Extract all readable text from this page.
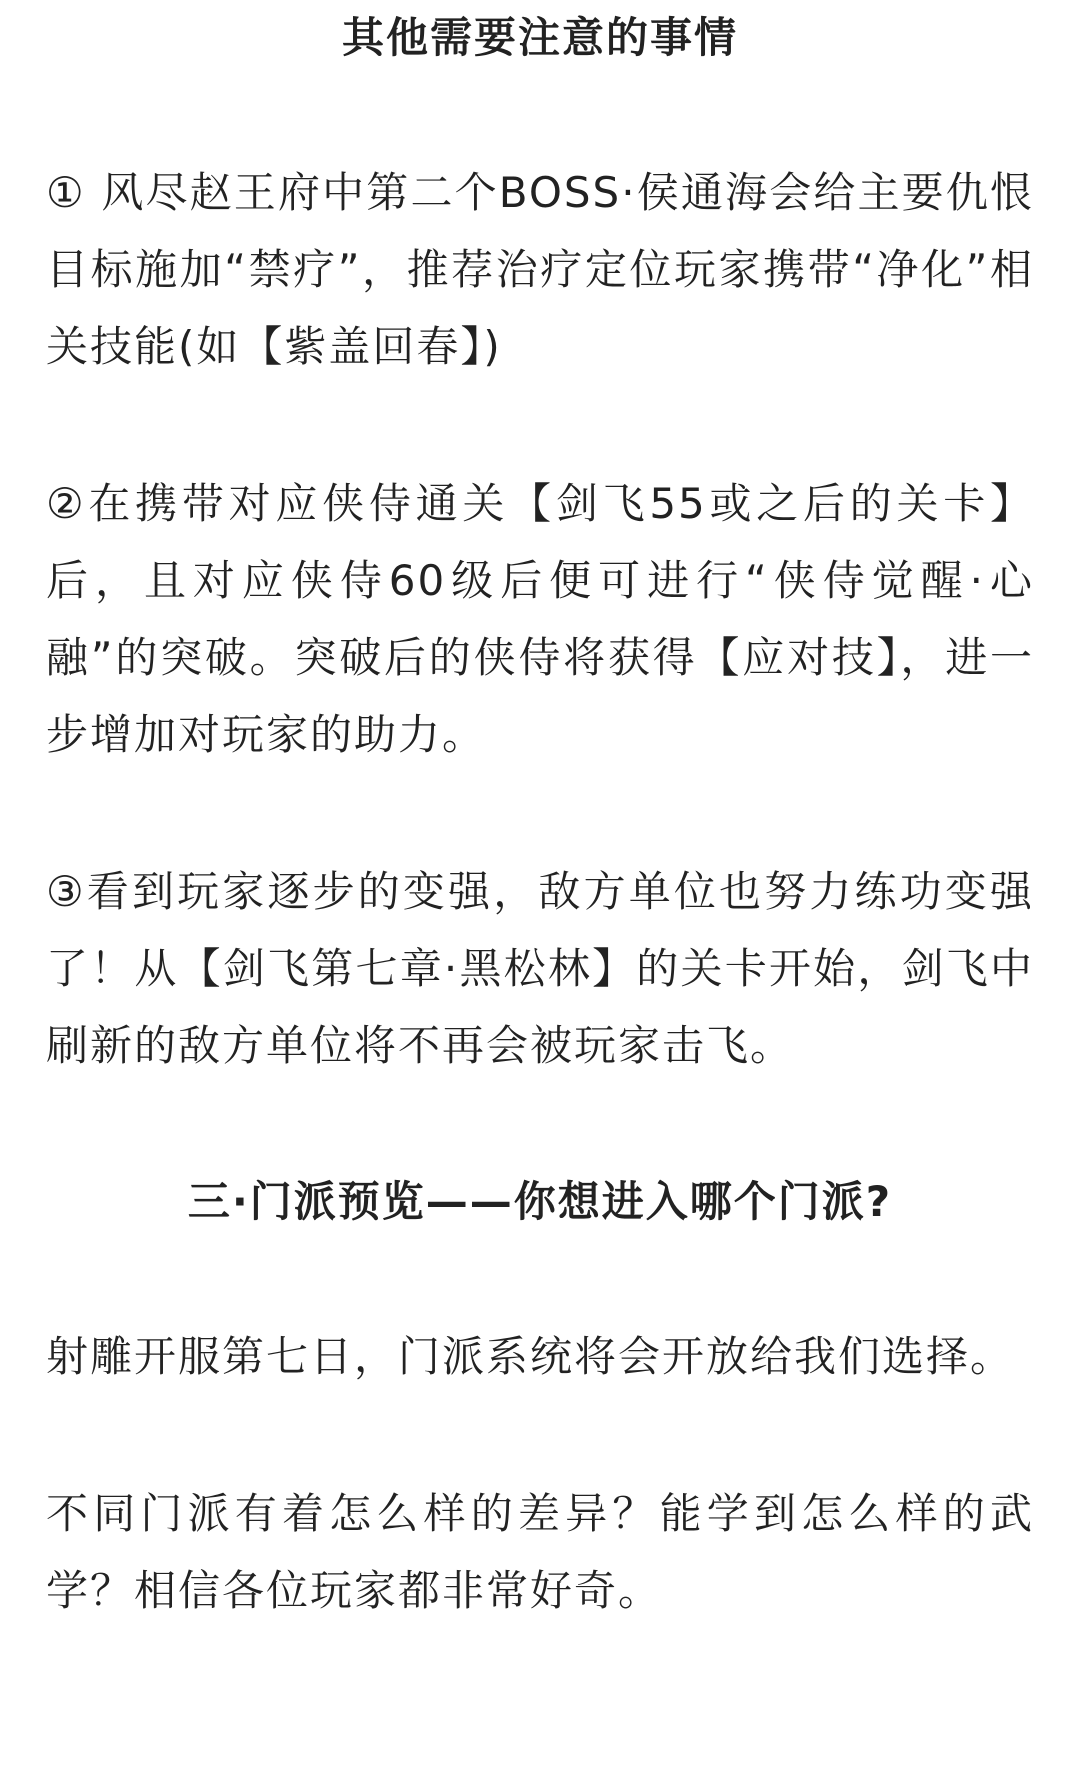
其他需要注意的事情

① 风尽赵王府中第二个BOSS·侯通海会给主要仇恨目标施加“禁疗”，推荐治疗定位玩家携带“净化”相关技能(如【紫盖回春】)

②在携带对应侠侍通关【剑飞55或之后的关卡】后，且对应侠侍60级后便可进行“侠侍觉醒·心融”的突破。突破后的侠侍将获得【应对技】，进一步增加对玩家的助力。

③看到玩家逐步的变强，敌方单位也努力练功变强了！从【剑飞第七章·黑松林】的关卡开始，剑飞中刷新的敌方单位将不再会被玩家击飞。

三·门派预览——你想进入哪个门派?

射雕开服第七日，门派系统将会开放给我们选择。

不同门派有着怎么样的差异？能学到怎么样的武学？相信各位玩家都非常好奇。
